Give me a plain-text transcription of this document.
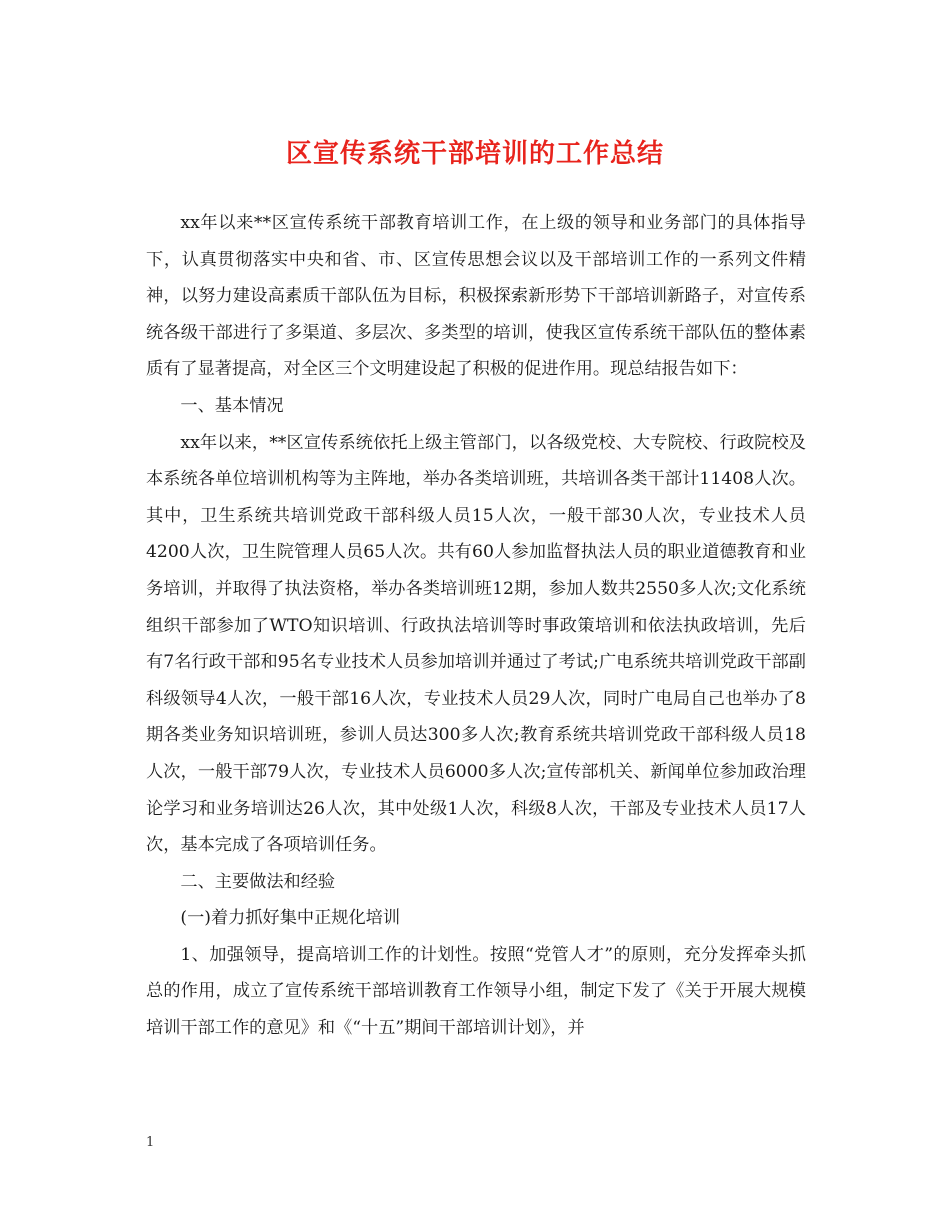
区宣传系统干部培训的工作总结

xx年以来**区宣传系统干部教育培训工作，在上级的领导和业务部门的具体指导下，认真贯彻落实中央和省、市、区宣传思想会议以及干部培训工作的一系列文件精神，以努力建设高素质干部队伍为目标，积极探索新形势下干部培训新路子，对宣传系统各级干部进行了多渠道、多层次、多类型的培训，使我区宣传系统干部队伍的整体素质有了显著提高，对全区三个文明建设起了积极的促进作用。现总结报告如下：

一、基本情况

xx年以来，**区宣传系统依托上级主管部门，以各级党校、大专院校、行政院校及本系统各单位培训机构等为主阵地，举办各类培训班，共培训各类干部计11408人次。其中，卫生系统共培训党政干部科级人员15人次，一般干部30人次，专业技术人员4200人次，卫生院管理人员65人次。共有60人参加监督执法人员的职业道德教育和业务培训，并取得了执法资格，举办各类培训班12期，参加人数共2550多人次;文化系统组织干部参加了WTO知识培训、行政执法培训等时事政策培训和依法执政培训，先后有7名行政干部和95名专业技术人员参加培训并通过了考试;广电系统共培训党政干部副科级领导4人次，一般干部16人次，专业技术人员29人次，同时广电局自己也举办了8期各类业务知识培训班，参训人员达300多人次;教育系统共培训党政干部科级人员18人次，一般干部79人次，专业技术人员6000多人次;宣传部机关、新闻单位参加政治理论学习和业务培训达26人次，其中处级1人次，科级8人次，干部及专业技术人员17人次，基本完成了各项培训任务。

二、主要做法和经验

(一)着力抓好集中正规化培训

1、加强领导，提高培训工作的计划性。按照“党管人才”的原则，充分发挥牵头抓总的作用，成立了宣传系统干部培训教育工作领导小组，制定下发了《关于开展大规模培训干部工作的意见》和《“十五”期间干部培训计划》，并

1
